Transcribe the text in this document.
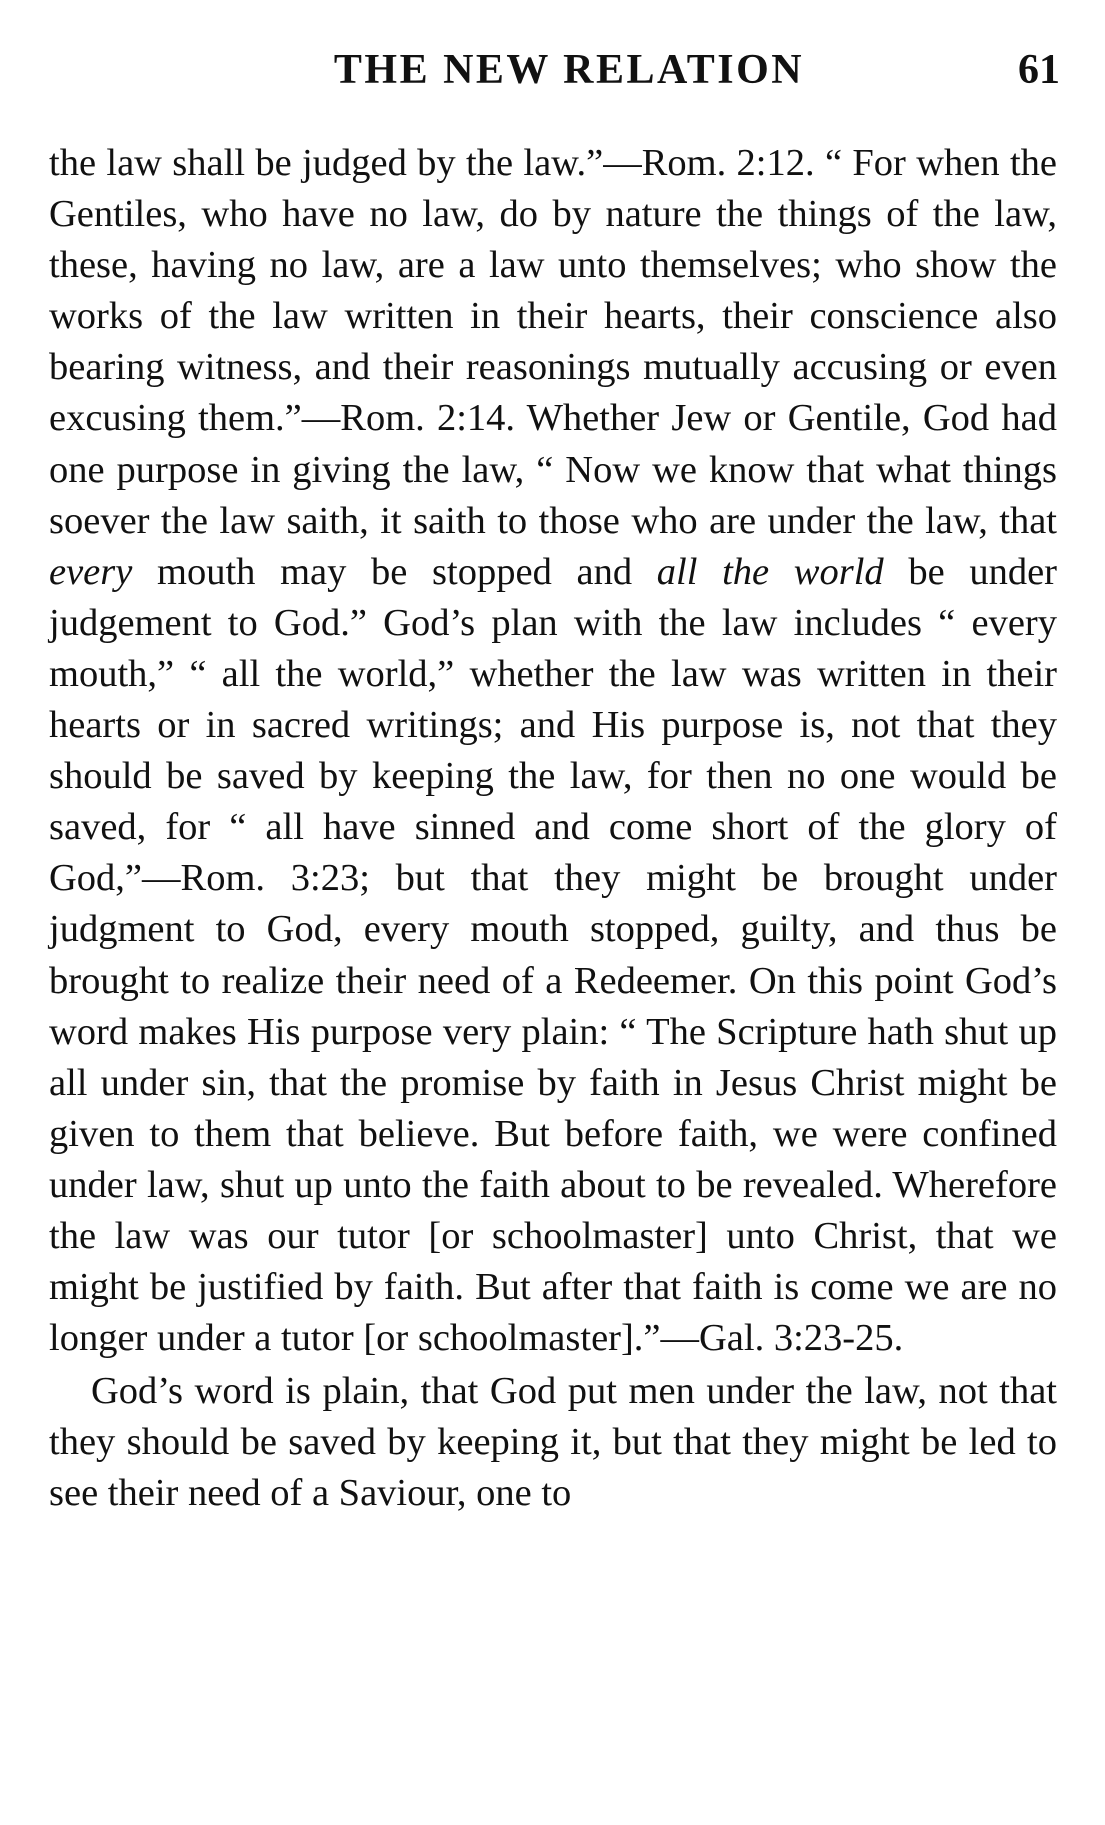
THE NEW RELATION	61

the law shall be judged by the law.”—Rom. 2:12. “ For when the Gentiles, who have no law, do by nature the things of the law, these, having no law, are a law unto themselves; who show the works of the law written in their hearts, their conscience also bearing witness, and their reasonings mutually accusing or even excusing them.”—Rom. 2:14. Whether Jew or Gentile, God had one purpose in giving the law, “ Now we know that what things soever the law saith, it saith to those who are under the law, that every mouth may be stopped and all the world be under judgement to God.” God’s plan with the law includes “ every mouth,” “ all the world,” whether the law was written in their hearts or in sacred writings; and His purpose is, not that they should be saved by keeping the law, for then no one would be saved, for “ all have sinned and come short of the glory of God,”—Rom. 3:23; but that they might be brought under judgment to God, every mouth stopped, guilty, and thus be brought to realize their need of a Redeemer. On this point God’s word makes His purpose very plain: “ The Scripture hath shut up all under sin, that the promise by faith in Jesus Christ might be given to them that believe. But before faith, we were confined under law, shut up unto the faith about to be revealed. Wherefore the law was our tutor [or schoolmaster] unto Christ, that we might be justified by faith. But after that faith is come we are no longer under a tutor [or schoolmaster].”—Gal. 3:23-25.

God’s word is plain, that God put men under the law, not that they should be saved by keeping it, but that they might be led to see their need of a Saviour, one to
